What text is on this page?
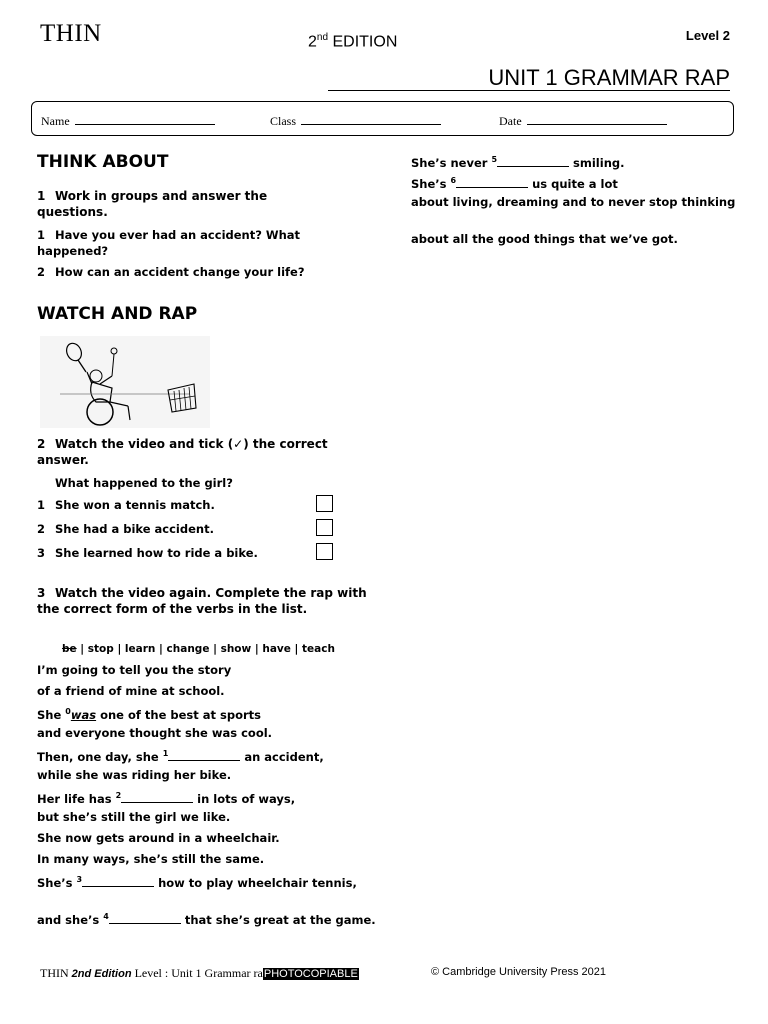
THIN	2nd EDITION	Level 2
UNIT 1 GRAMMAR RAP
Name	Class	Date
THINK ABOUT
1 Work in groups and answer the questions.
1 Have you ever had an accident? What happened?
2 How can an accident change your life?
WATCH AND RAP
2 Watch the video and tick (✓) the correct answer.
What happened to the girl?
1 She won a tennis match.
2 She had a bike accident.
3 She learned how to ride a bike.
3 Watch the video again. Complete the rap with the correct form of the verbs in the list.
be | stop | learn | change | show | have | teach
I’m going to tell you the story
of a friend of mine at school.
She $^0$was one of the best at sports
and everyone thought she was cool.
Then, one day, she $^1$	an accident,
while she was riding her bike.
Her life has $^2$	in lots of ways,
but she’s still the girl we like.
She now gets around in a wheelchair.
In many ways, she’s still the same.
She’s $^3$	how to play wheelchair tennis,
and she’s $^4$	that she’s great at the game.
She’s never $^5$	smiling.
She’s $^6$	us quite a lot
about living, dreaming and to never stop thinking
about all the good things that we’ve got.
THIN 2nd Edition Level : Unit 1 Grammar raPHOTOCOPIABLE	© Cambridge University Press 2021
